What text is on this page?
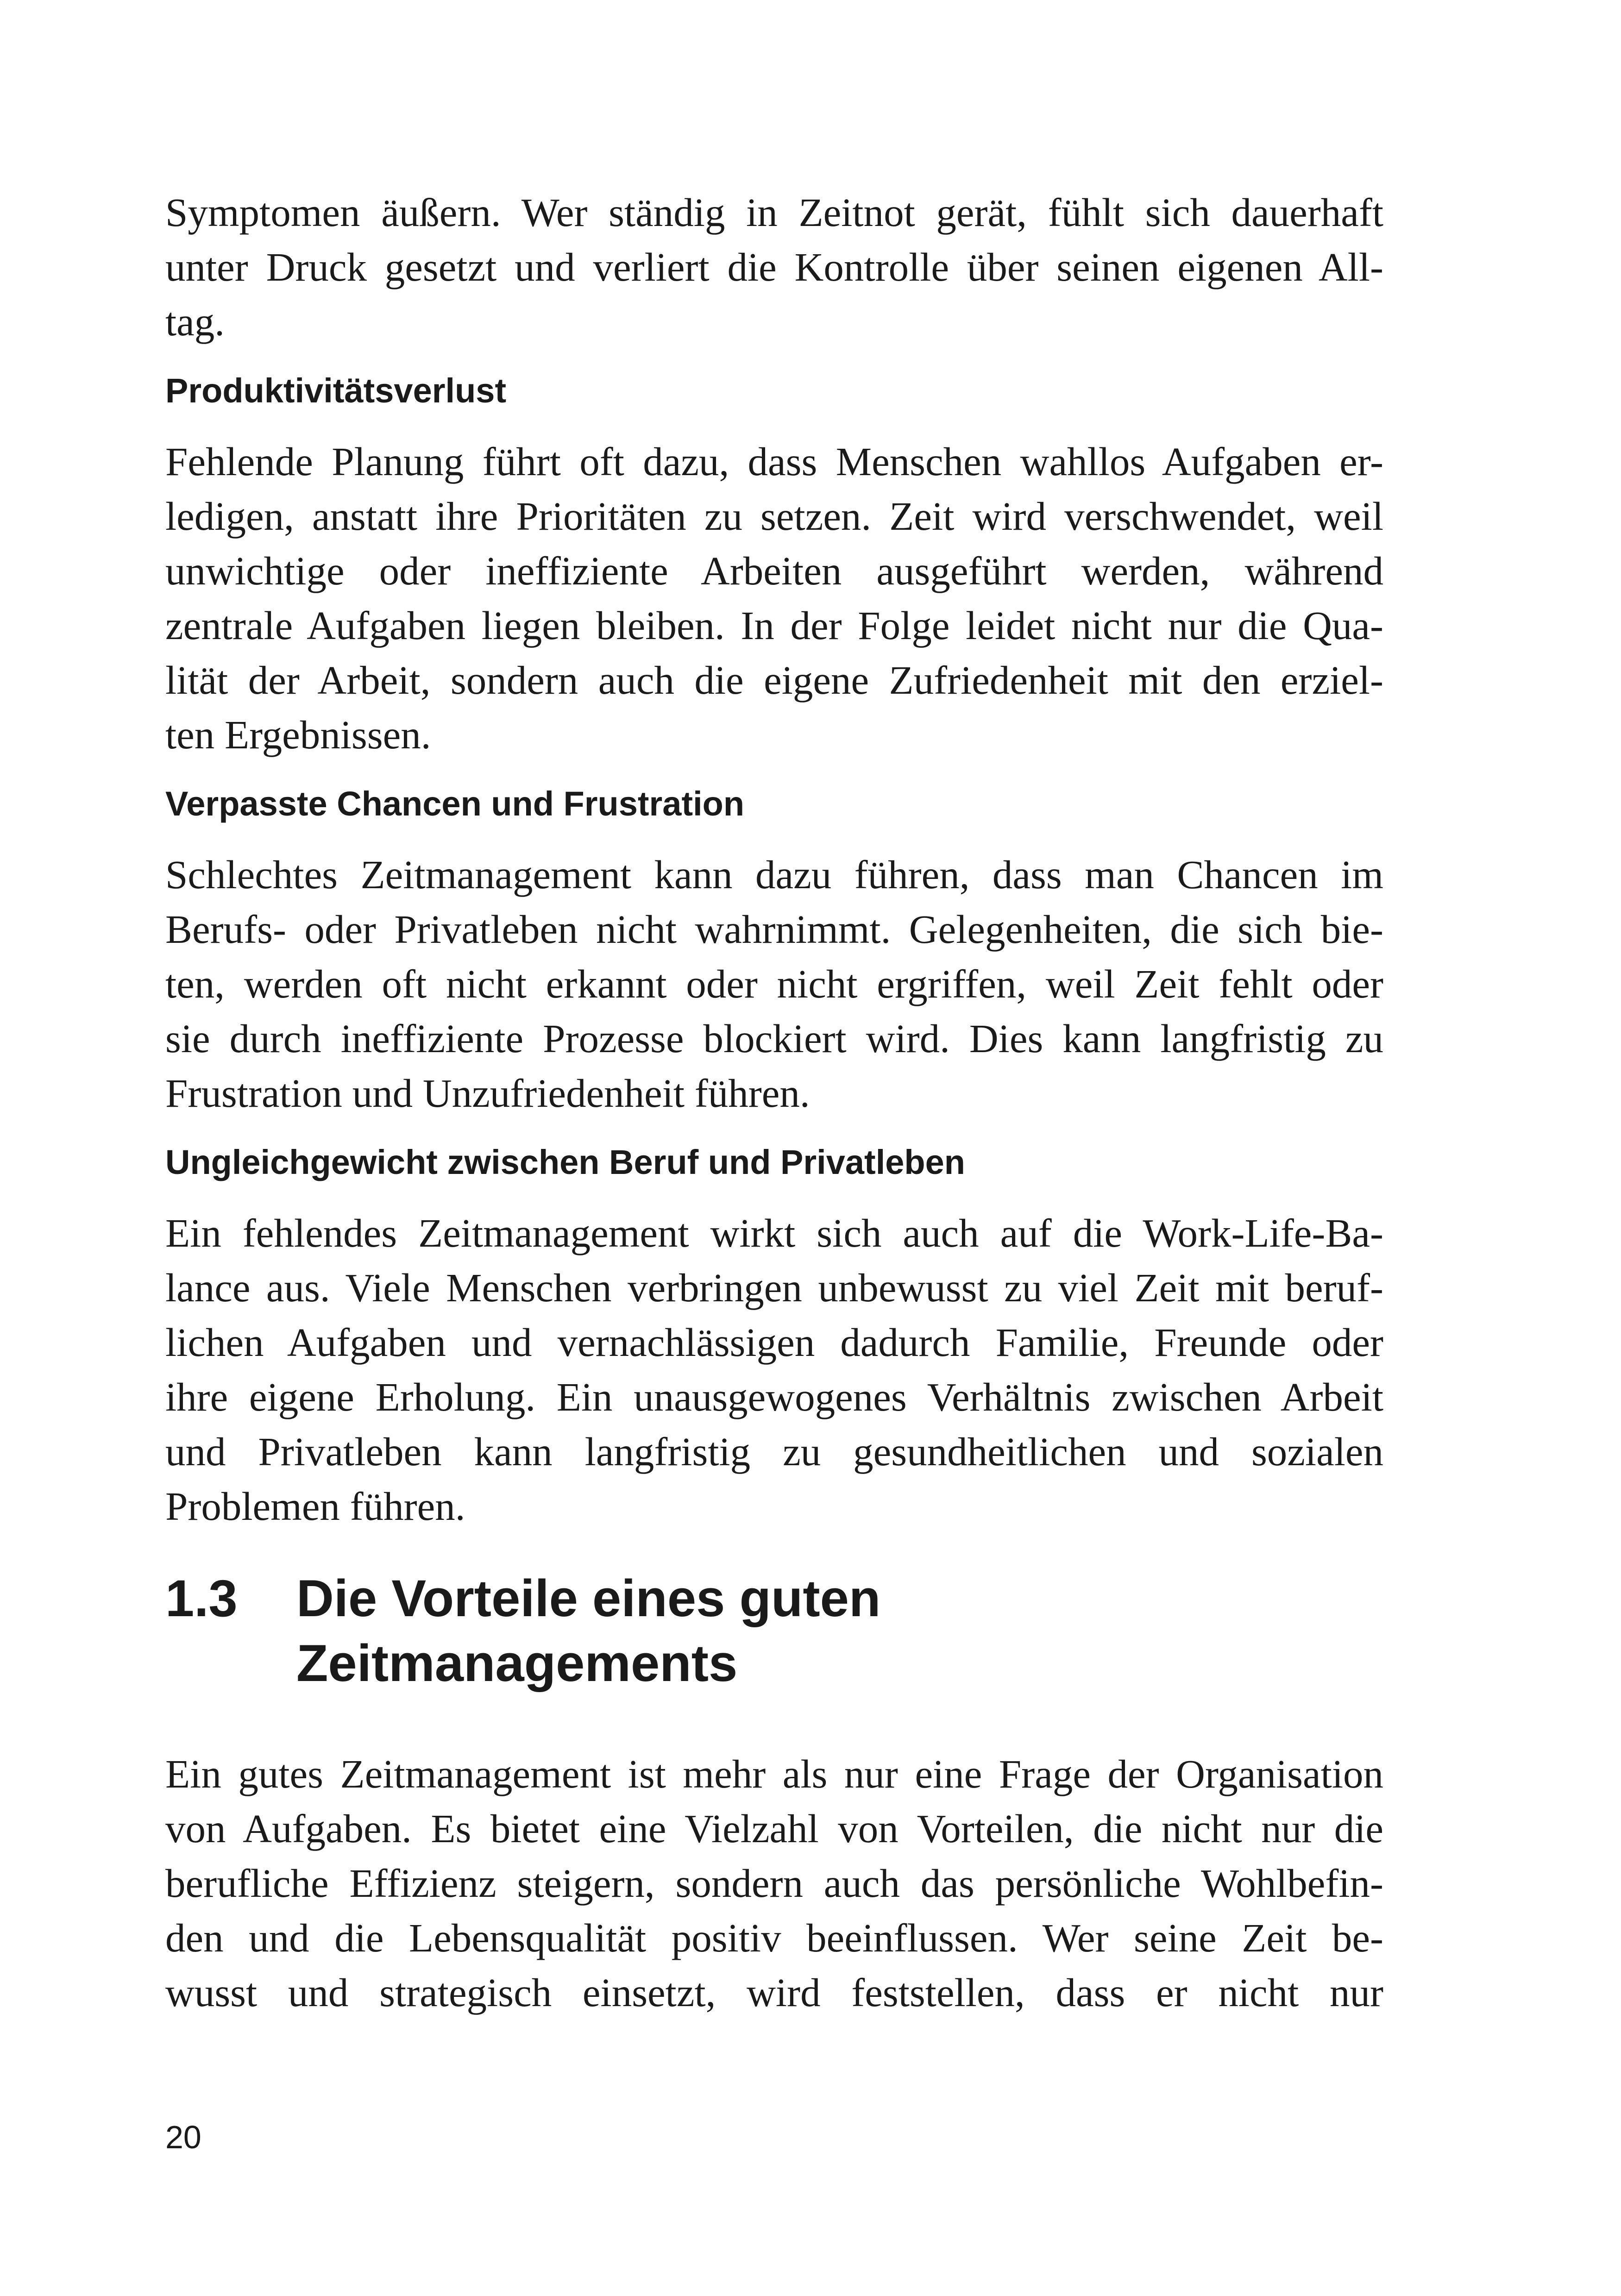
Symptomen äußern. Wer ständig in Zeitnot gerät, fühlt sich dauerhaft
unter Druck gesetzt und verliert die Kontrolle über seinen eigenen All-
tag.

Produktivitätsverlust

Fehlende Planung führt oft dazu, dass Menschen wahllos Aufgaben er-
ledigen, anstatt ihre Prioritäten zu setzen. Zeit wird verschwendet, weil
unwichtige oder ineffiziente Arbeiten ausgeführt werden, während
zentrale Aufgaben liegen bleiben. In der Folge leidet nicht nur die Qua-
lität der Arbeit, sondern auch die eigene Zufriedenheit mit den erziel-
ten Ergebnissen.

Verpasste Chancen und Frustration

Schlechtes Zeitmanagement kann dazu führen, dass man Chancen im
Berufs- oder Privatleben nicht wahrnimmt. Gelegenheiten, die sich bie-
ten, werden oft nicht erkannt oder nicht ergriffen, weil Zeit fehlt oder
sie durch ineffiziente Prozesse blockiert wird. Dies kann langfristig zu
Frustration und Unzufriedenheit führen.

Ungleichgewicht zwischen Beruf und Privatleben

Ein fehlendes Zeitmanagement wirkt sich auch auf die Work-Life-Ba-
lance aus. Viele Menschen verbringen unbewusst zu viel Zeit mit beruf-
lichen Aufgaben und vernachlässigen dadurch Familie, Freunde oder
ihre eigene Erholung. Ein unausgewogenes Verhältnis zwischen Arbeit
und Privatleben kann langfristig zu gesundheitlichen und sozialen
Problemen führen.

1.3	Die Vorteile eines guten
Zeitmanagements

Ein gutes Zeitmanagement ist mehr als nur eine Frage der Organisation
von Aufgaben. Es bietet eine Vielzahl von Vorteilen, die nicht nur die
berufliche Effizienz steigern, sondern auch das persönliche Wohlbefin-
den und die Lebensqualität positiv beeinflussen. Wer seine Zeit be-
wusst und strategisch einsetzt, wird feststellen, dass er nicht nur

20
